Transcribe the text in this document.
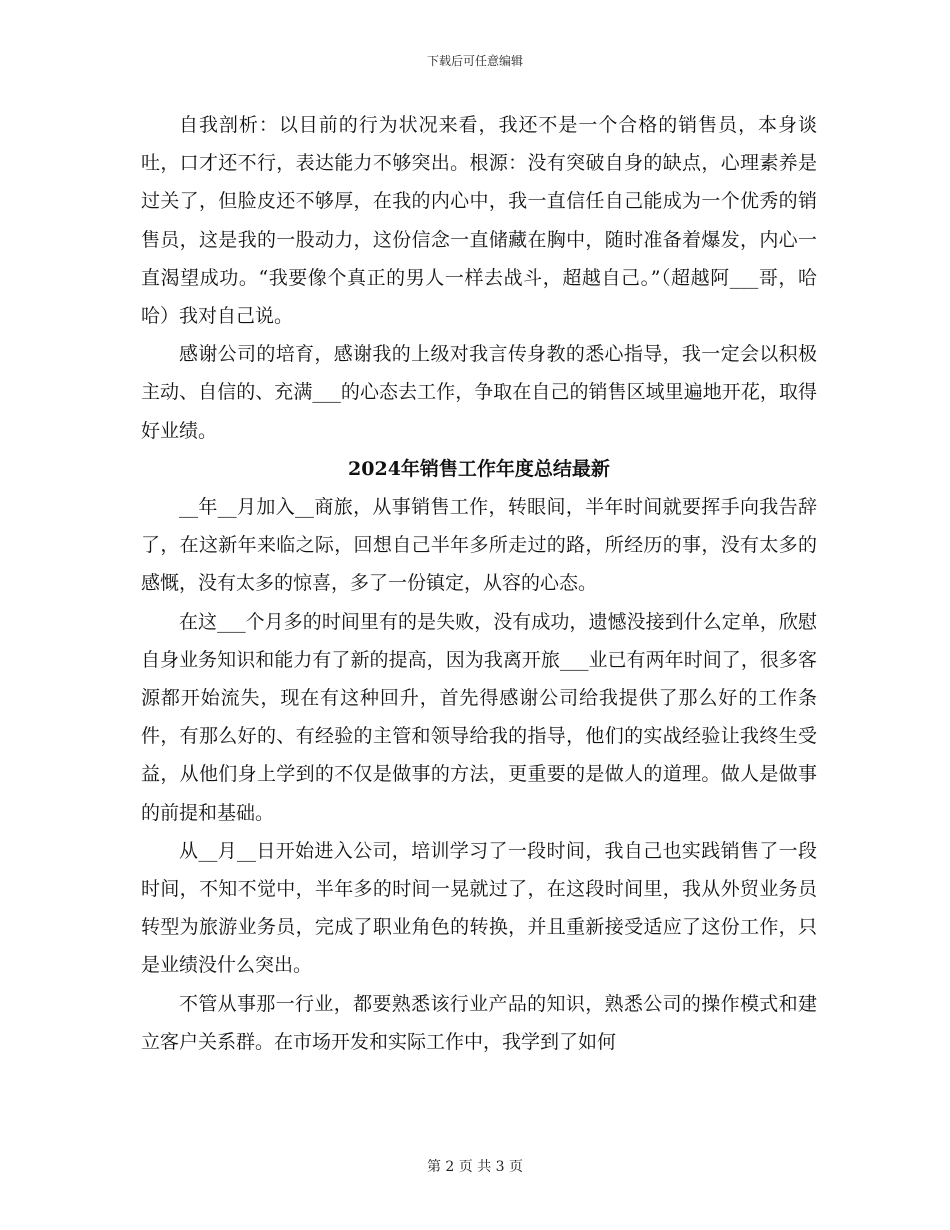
下载后可任意编辑

自我剖析：以目前的行为状况来看，我还不是一个合格的销售员，本身谈吐，口才还不行，表达能力不够突出。根源：没有突破自身的缺点，心理素养是过关了，但脸皮还不够厚，在我的内心中，我一直信任自己能成为一个优秀的销售员，这是我的一股动力，这份信念一直储藏在胸中，随时准备着爆发，内心一直渴望成功。“我要像个真正的男人一样去战斗，超越自己。”（超越阿___哥，哈哈）我对自己说。

感谢公司的培育，感谢我的上级对我言传身教的悉心指导，我一定会以积极主动、自信的、充满___的心态去工作，争取在自己的销售区域里遍地开花，取得好业绩。

2024年销售工作年度总结最新

__年__月加入__商旅，从事销售工作，转眼间，半年时间就要挥手向我告辞了，在这新年来临之际，回想自己半年多所走过的路，所经历的事，没有太多的感慨，没有太多的惊喜，多了一份镇定，从容的心态。

在这___个月多的时间里有的是失败，没有成功，遗憾没接到什么定单，欣慰自身业务知识和能力有了新的提高，因为我离开旅___业已有两年时间了，很多客源都开始流失，现在有这种回升，首先得感谢公司给我提供了那么好的工作条件，有那么好的、有经验的主管和领导给我的指导，他们的实战经验让我终生受益，从他们身上学到的不仅是做事的方法，更重要的是做人的道理。做人是做事的前提和基础。

从__月__日开始进入公司，培训学习了一段时间，我自己也实践销售了一段时间，不知不觉中，半年多的时间一晃就过了，在这段时间里，我从外贸业务员转型为旅游业务员，完成了职业角色的转换，并且重新接受适应了这份工作，只是业绩没什么突出。

不管从事那一行业，都要熟悉该行业产品的知识，熟悉公司的操作模式和建立客户关系群。在市场开发和实际工作中，我学到了如何

第 2 页 共 3 页
